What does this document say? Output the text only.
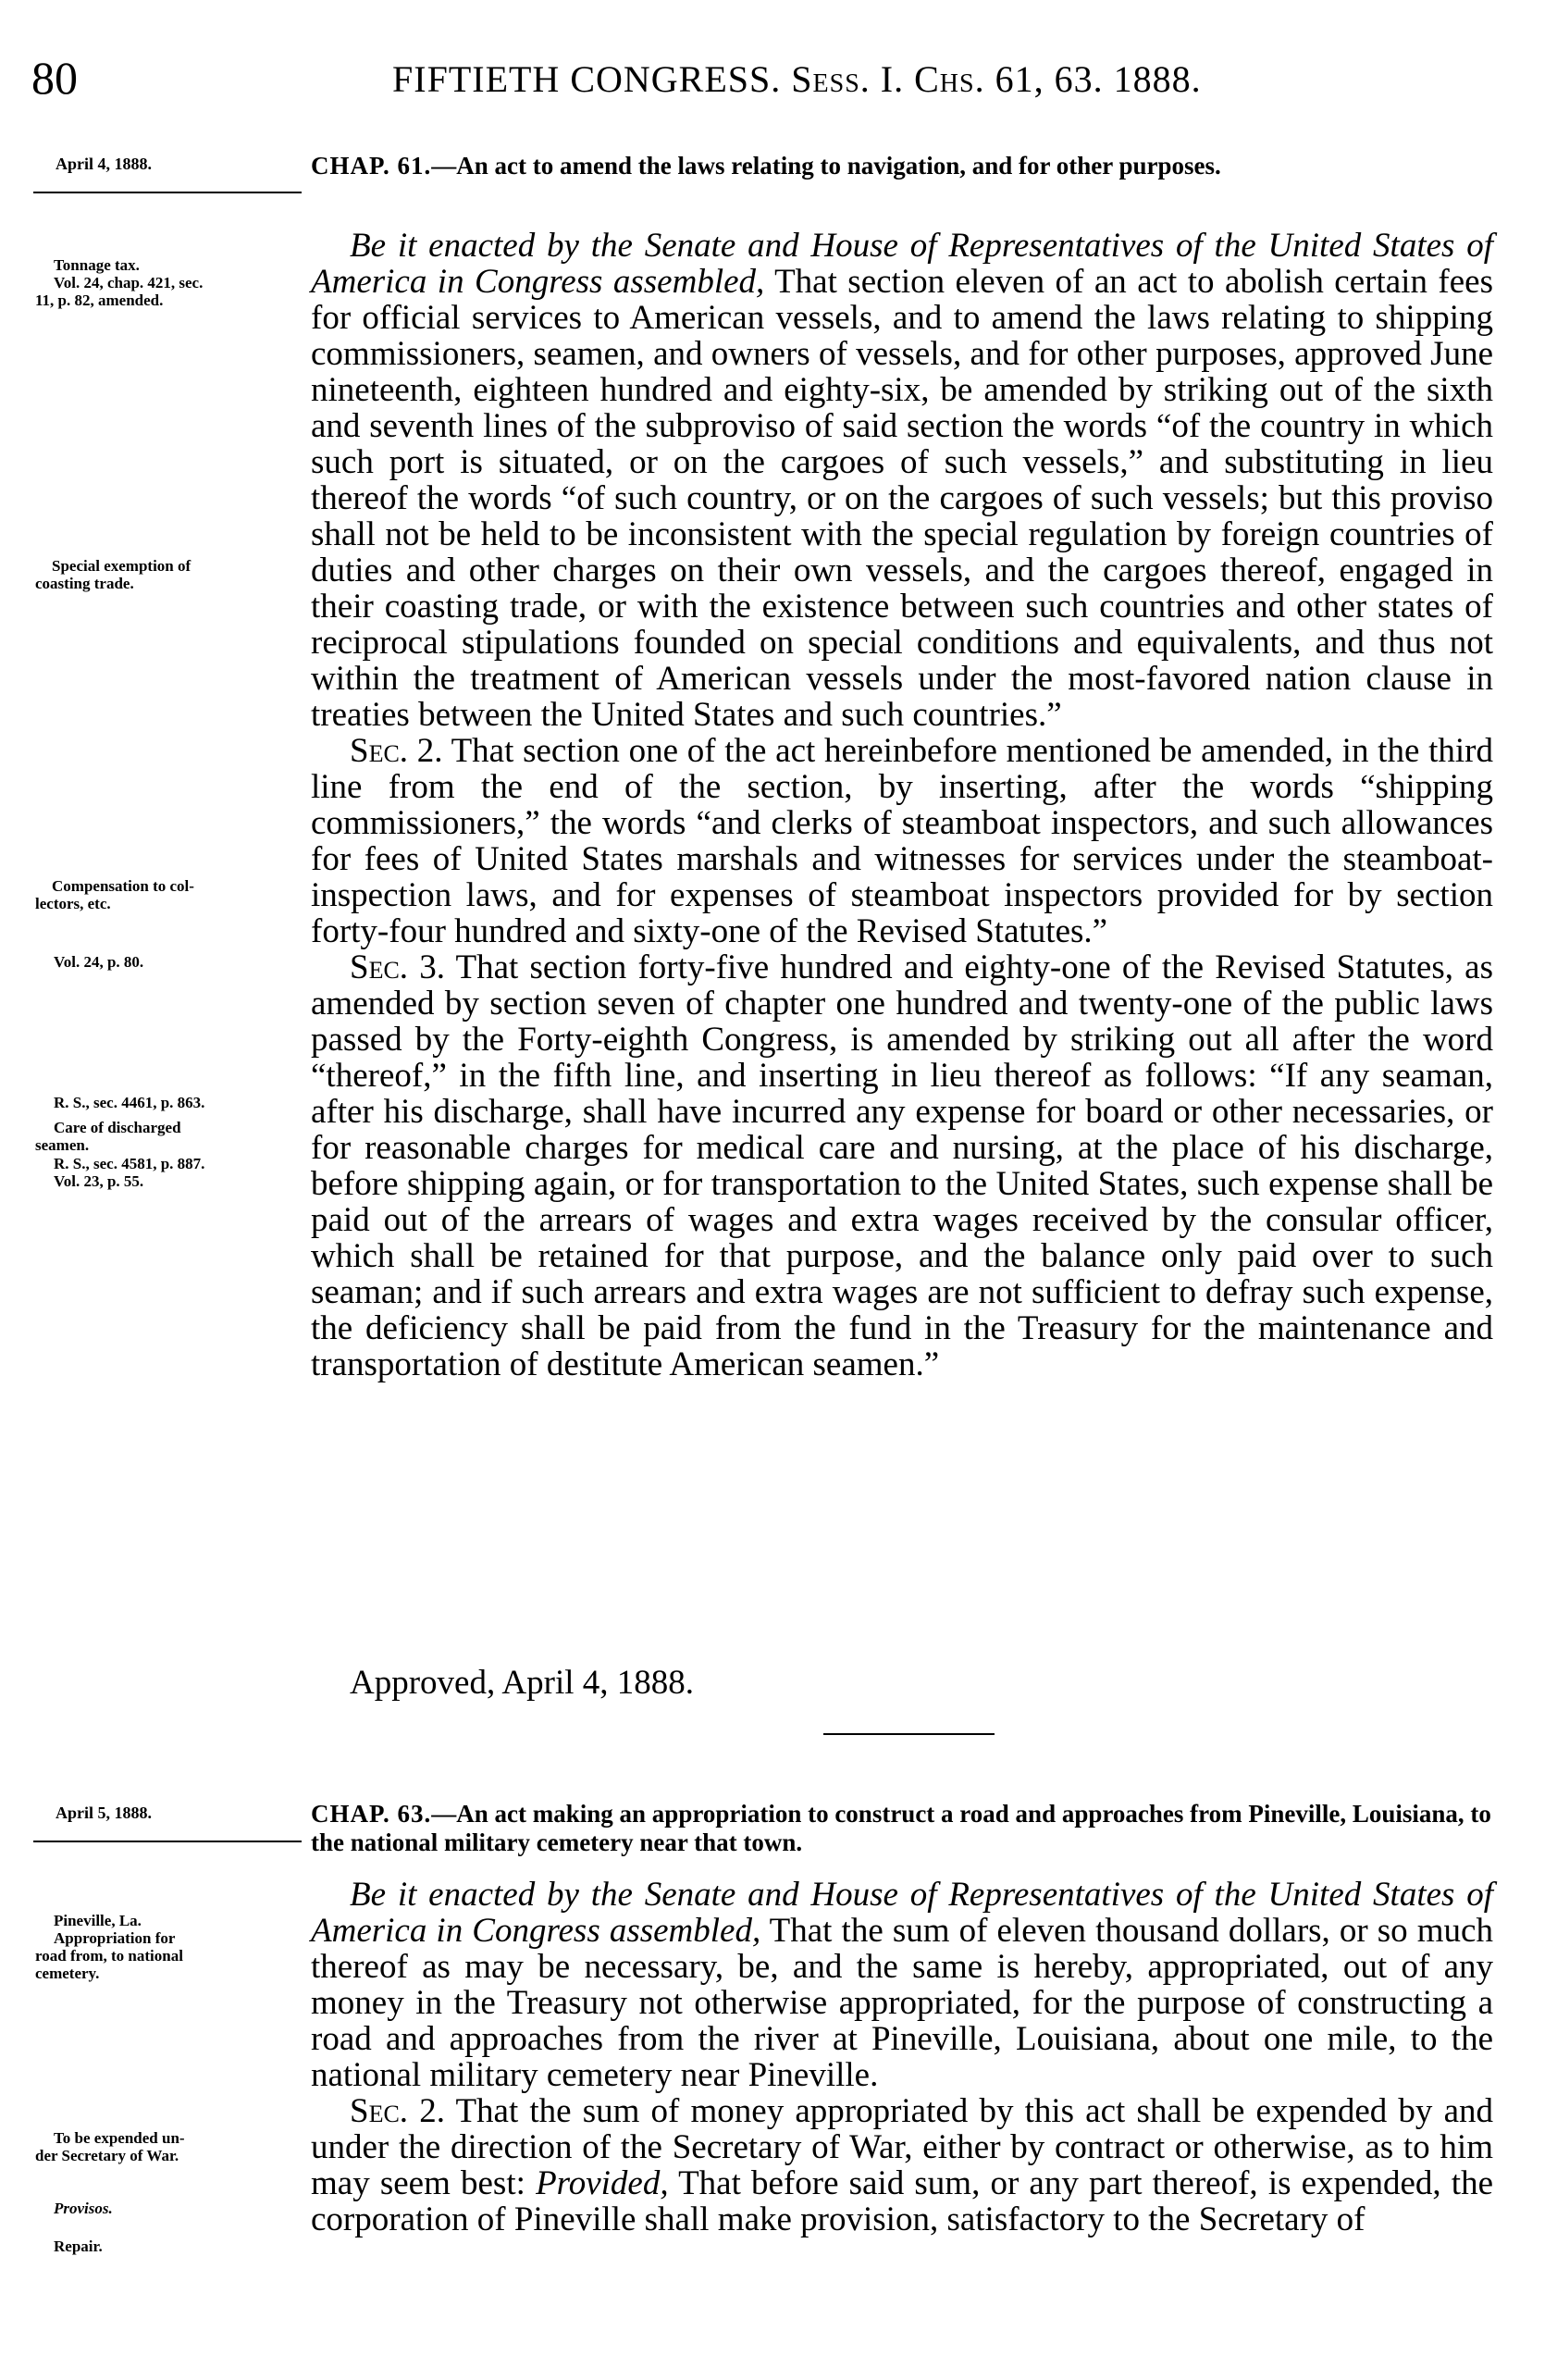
80	FIFTIETH CONGRESS. Sess. I. Chs. 61, 63. 1888.
April 4, 1888.
Tonnage tax.
Vol. 24, chap. 421, sec.
11, p. 82, amended.
Special exemption of
coasting trade.
Compensation to col-
lectors, etc.
Vol. 24, p. 80.
R. S., sec. 4461, p. 863.
Care of discharged
seamen.
R. S., sec. 4581, p. 887.
Vol. 23, p. 55.
CHAP. 61.—An act to amend the laws relating to navigation, and for other purposes.

Be it enacted by the Senate and House of Representatives of the United States of America in Congress assembled, That section eleven of an act to abolish certain fees for official services to American vessels, and to amend the laws relating to shipping commissioners, seamen, and owners of vessels, and for other purposes, approved June nineteenth, eighteen hundred and eighty-six, be amended by striking out of the sixth and seventh lines of the subproviso of said section the words “of the country in which such port is situated, or on the cargoes of such vessels,” and substituting in lieu thereof the words “of such country, or on the cargoes of such vessels; but this proviso shall not be held to be inconsistent with the special regulation by foreign countries of duties and other charges on their own vessels, and the cargoes thereof, engaged in their coasting trade, or with the existence between such countries and other states of reciprocal stipulations founded on special conditions and equivalents, and thus not within the treatment of American vessels under the most-favored nation clause in treaties between the United States and such countries.”

Sec. 2. That section one of the act hereinbefore mentioned be amended, in the third line from the end of the section, by inserting, after the words “shipping commissioners,” the words “and clerks of steamboat inspectors, and such allowances for fees of United States marshals and witnesses for services under the steamboat-inspection laws, and for expenses of steamboat inspectors provided for by section forty-four hundred and sixty-one of the Revised Statutes.”

Sec. 3. That section forty-five hundred and eighty-one of the Revised Statutes, as amended by section seven of chapter one hundred and twenty-one of the public laws passed by the Forty-eighth Congress, is amended by striking out all after the word “thereof,” in the fifth line, and inserting in lieu thereof as follows: “If any seaman, after his discharge, shall have incurred any expense for board or other necessaries, or for reasonable charges for medical care and nursing, at the place of his discharge, before shipping again, or for transportation to the United States, such expense shall be paid out of the arrears of wages and extra wages received by the consular officer, which shall be retained for that purpose, and the balance only paid over to such seaman; and if such arrears and extra wages are not sufficient to defray such expense, the deficiency shall be paid from the fund in the Treasury for the maintenance and transportation of destitute American seamen.”

Approved, April 4, 1888.
April 5, 1888.
Pineville, La.
Appropriation for
road from, to national
cemetery.
To be expended un-
der Secretary of War.
Provisos.
Repair.
CHAP. 63.—An act making an appropriation to construct a road and approaches from Pineville, Louisiana, to the national military cemetery near that town.

Be it enacted by the Senate and House of Representatives of the United States of America in Congress assembled, That the sum of eleven thousand dollars, or so much thereof as may be necessary, be, and the same is hereby, appropriated, out of any money in the Treasury not otherwise appropriated, for the purpose of constructing a road and approaches from the river at Pineville, Louisiana, about one mile, to the national military cemetery near Pineville.

Sec. 2. That the sum of money appropriated by this act shall be expended by and under the direction of the Secretary of War, either by contract or otherwise, as to him may seem best: Provided, That before said sum, or any part thereof, is expended, the corporation of Pineville shall make provision, satisfactory to the Secretary of
